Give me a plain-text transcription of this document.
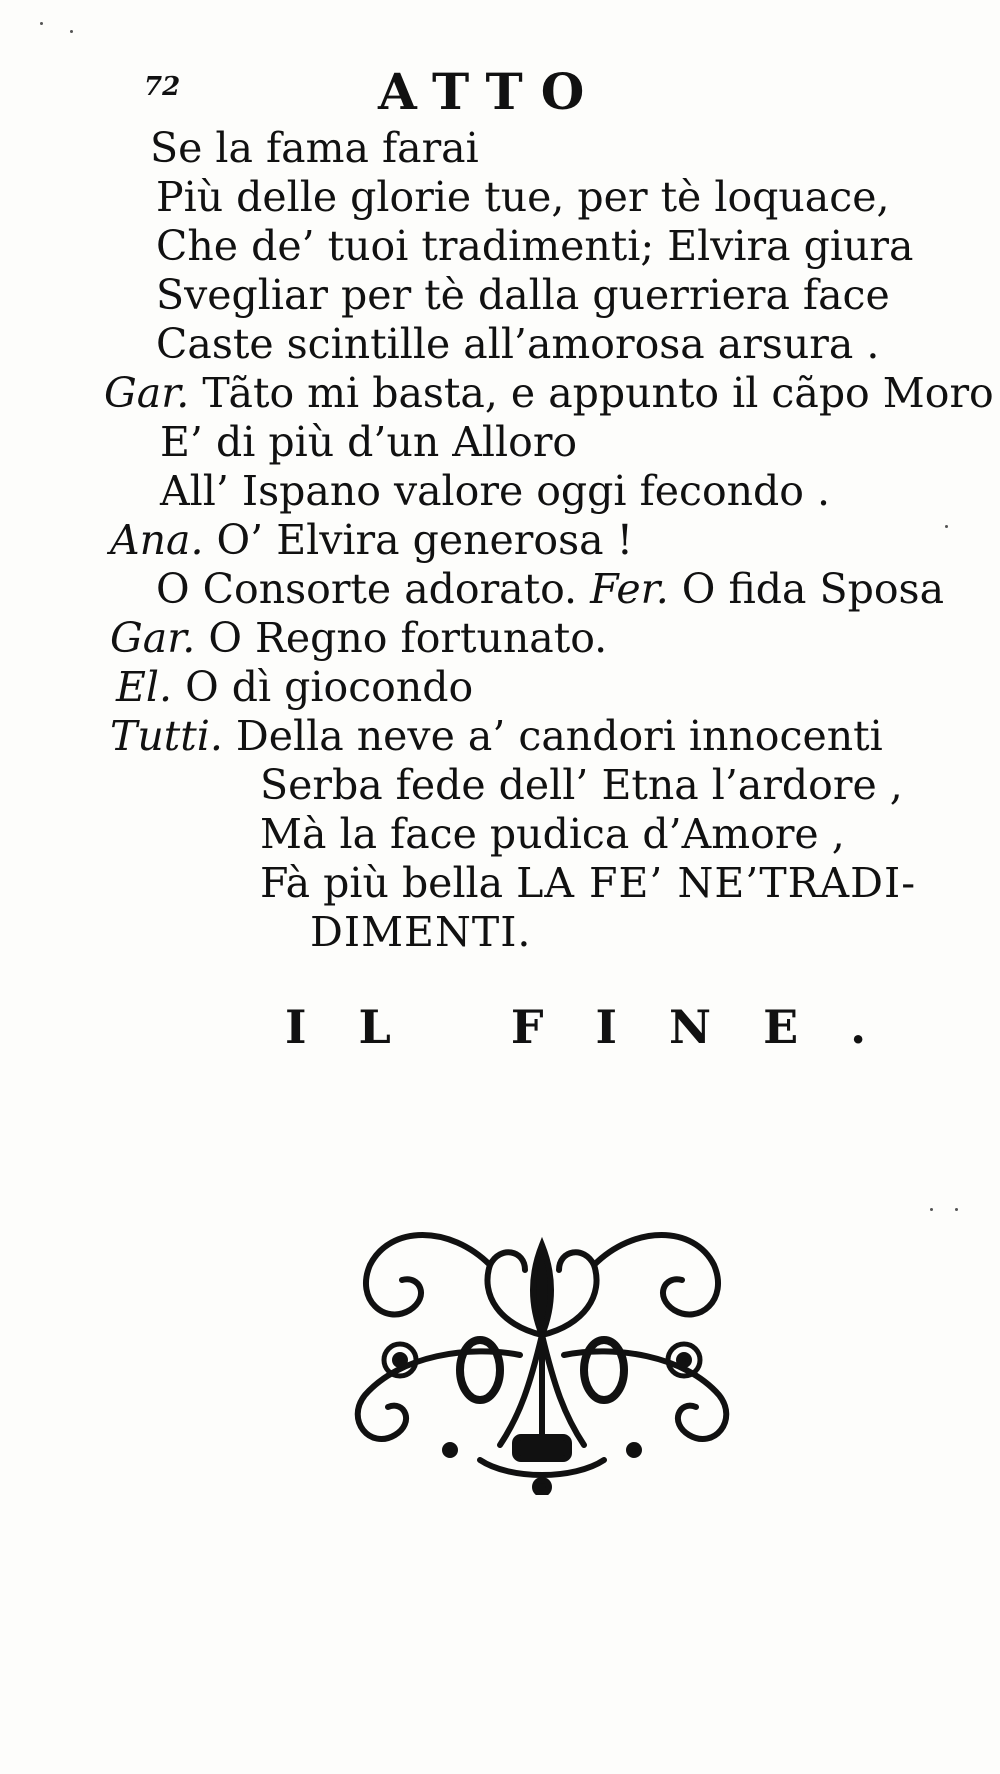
72	ATTO
Se la fama farai
Più delle glorie tue, per tè loquace,
Che de’ tuoi tradimenti; Elvira giura
Svegliar per tè dalla guerriera face
Caste scintille all’amorosa arsura .
Gar. Tãto mi basta, e appunto il cãpo Moro
E’ di più d’un Alloro
All’ Ispano valore oggi fecondo .
Ana. O’ Elvira generosa !
O Consorte adorato. Fer. O fida Sposa
Gar. O Regno fortunato.
El. O dì giocondo
Tutti. Della neve a’ candori innocenti
Serba fede dell’ Etna l’ardore ,
Mà la face pudica d’Amore ,
Fà più bella LA FE’ NE’TRADI-
DIMENTI.
IL FINE.
